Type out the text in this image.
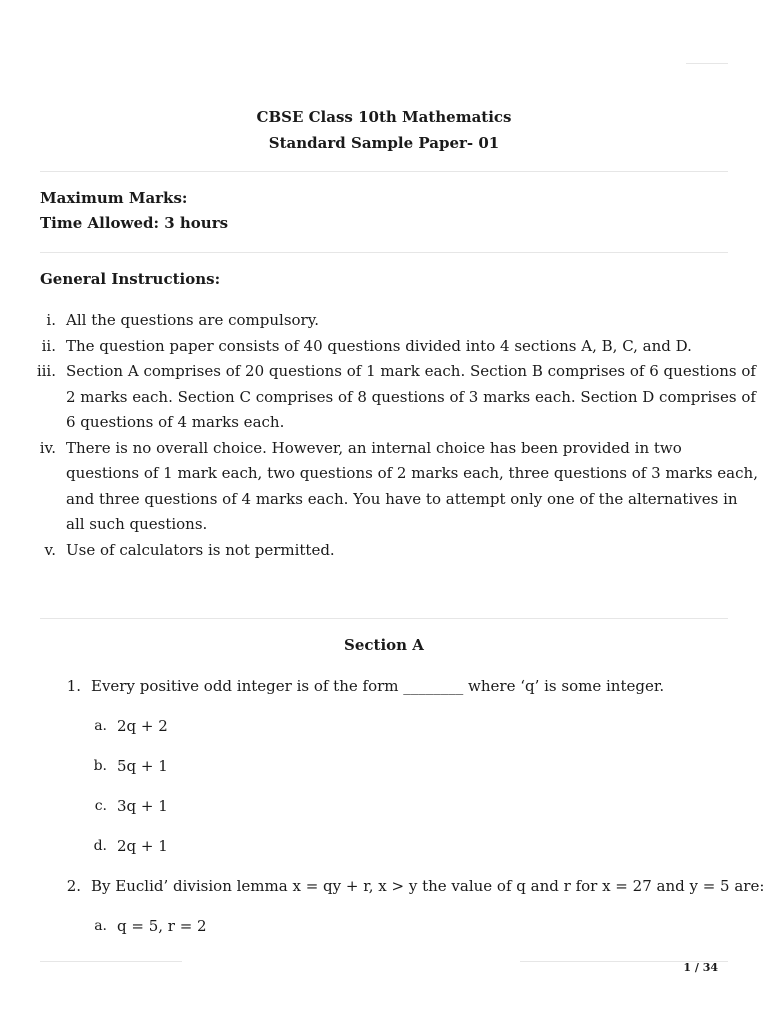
CBSE Class 10th Mathematics
Standard Sample Paper- 01
Maximum Marks:
Time Allowed: 3 hours
General Instructions:
i. All the questions are compulsory.
ii. The question paper consists of 40 questions divided into 4 sections A, B, C, and D.
iii. Section A comprises of 20 questions of 1 mark each. Section B comprises of 6 questions of
2 marks each. Section C comprises of 8 questions of 3 marks each. Section D comprises of
6 questions of 4 marks each.
iv. There is no overall choice. However, an internal choice has been provided in two
questions of 1 mark each, two questions of 2 marks each, three questions of 3 marks each,
and three questions of 4 marks each. You have to attempt only one of the alternatives in
all such questions.
v. Use of calculators is not permitted.
Section A
1. Every positive odd integer is of the form ________ where ‘q’ is some integer.
a. 2q + 2
b. 5q + 1
c. 3q + 1
d. 2q + 1
2. By Euclid’ division lemma x = qy + r, x > y the value of q and r for x = 27 and y = 5 are:
a. q = 5, r = 2
1 / 34
